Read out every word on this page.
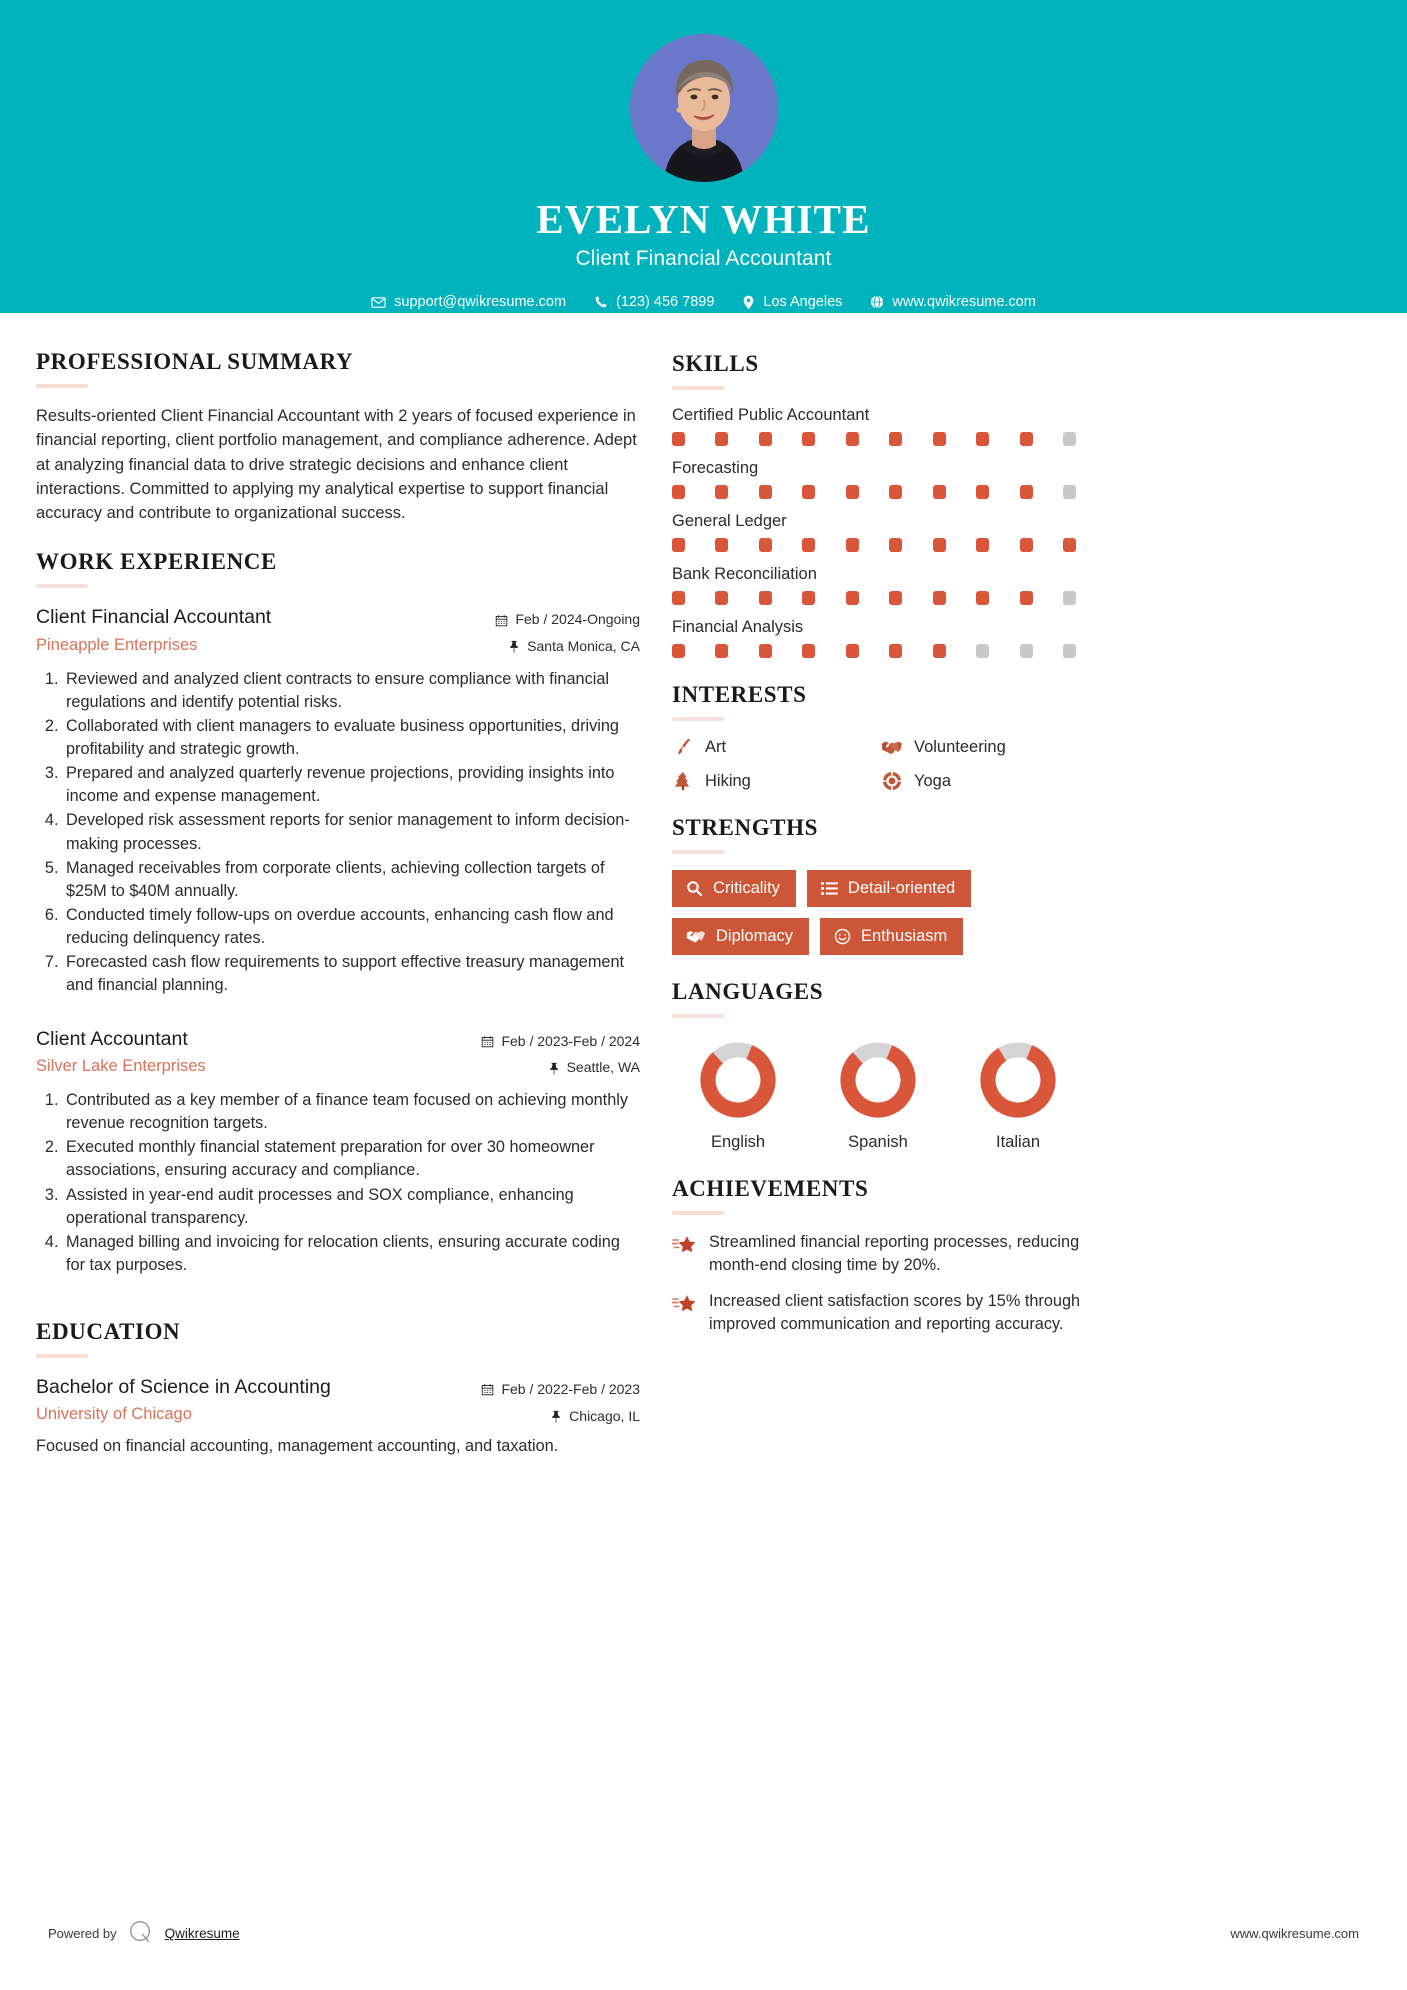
EVELYN WHITE
Client Financial Accountant
support@qwikresume.com	(123) 456 7899	Los Angeles	www.qwikresume.com
PROFESSIONAL SUMMARY

Results-oriented Client Financial Accountant with 2 years of focused experience in financial reporting, client portfolio management, and compliance adherence. Adept at analyzing financial data to drive strategic decisions and enhance client interactions. Committed to applying my analytical expertise to support financial accuracy and contribute to organizational success.

WORK EXPERIENCE
Client Financial Accountant
Pineapple Enterprises
Feb / 2024-Ongoing
Santa Monica, CA
1. Reviewed and analyzed client contracts to ensure compliance with financial regulations and identify potential risks.
2. Collaborated with client managers to evaluate business opportunities, driving profitability and strategic growth.
3. Prepared and analyzed quarterly revenue projections, providing insights into income and expense management.
4. Developed risk assessment reports for senior management to inform decision-making processes.
5. Managed receivables from corporate clients, achieving collection targets of $25M to $40M annually.
6. Conducted timely follow-ups on overdue accounts, enhancing cash flow and reducing delinquency rates.
7. Forecasted cash flow requirements to support effective treasury management and financial planning.
Client Accountant
Silver Lake Enterprises
Feb / 2023-Feb / 2024
Seattle, WA
1. Contributed as a key member of a finance team focused on achieving monthly revenue recognition targets.
2. Executed monthly financial statement preparation for over 30 homeowner associations, ensuring accuracy and compliance.
3. Assisted in year-end audit processes and SOX compliance, enhancing operational transparency.
4. Managed billing and invoicing for relocation clients, ensuring accurate coding for tax purposes.
EDUCATION
Bachelor of Science in Accounting
University of Chicago
Feb / 2022-Feb / 2023
Chicago, IL

Focused on financial accounting, management accounting, and taxation.

SKILLS
Certified Public Accountant
Forecasting
General Ledger
Bank Reconciliation
Financial Analysis
INTERESTS
Art	Volunteering
Hiking	Yoga
STRENGTHS
Criticality	Detail-oriented
Diplomacy	Enthusiasm
LANGUAGES
English	Spanish	Italian
ACHIEVEMENTS
Streamlined financial reporting processes, reducing month-end closing time by 20%.
Increased client satisfaction scores by 15% through improved communication and reporting accuracy.
Powered by	Qwikresume	www.qwikresume.com
